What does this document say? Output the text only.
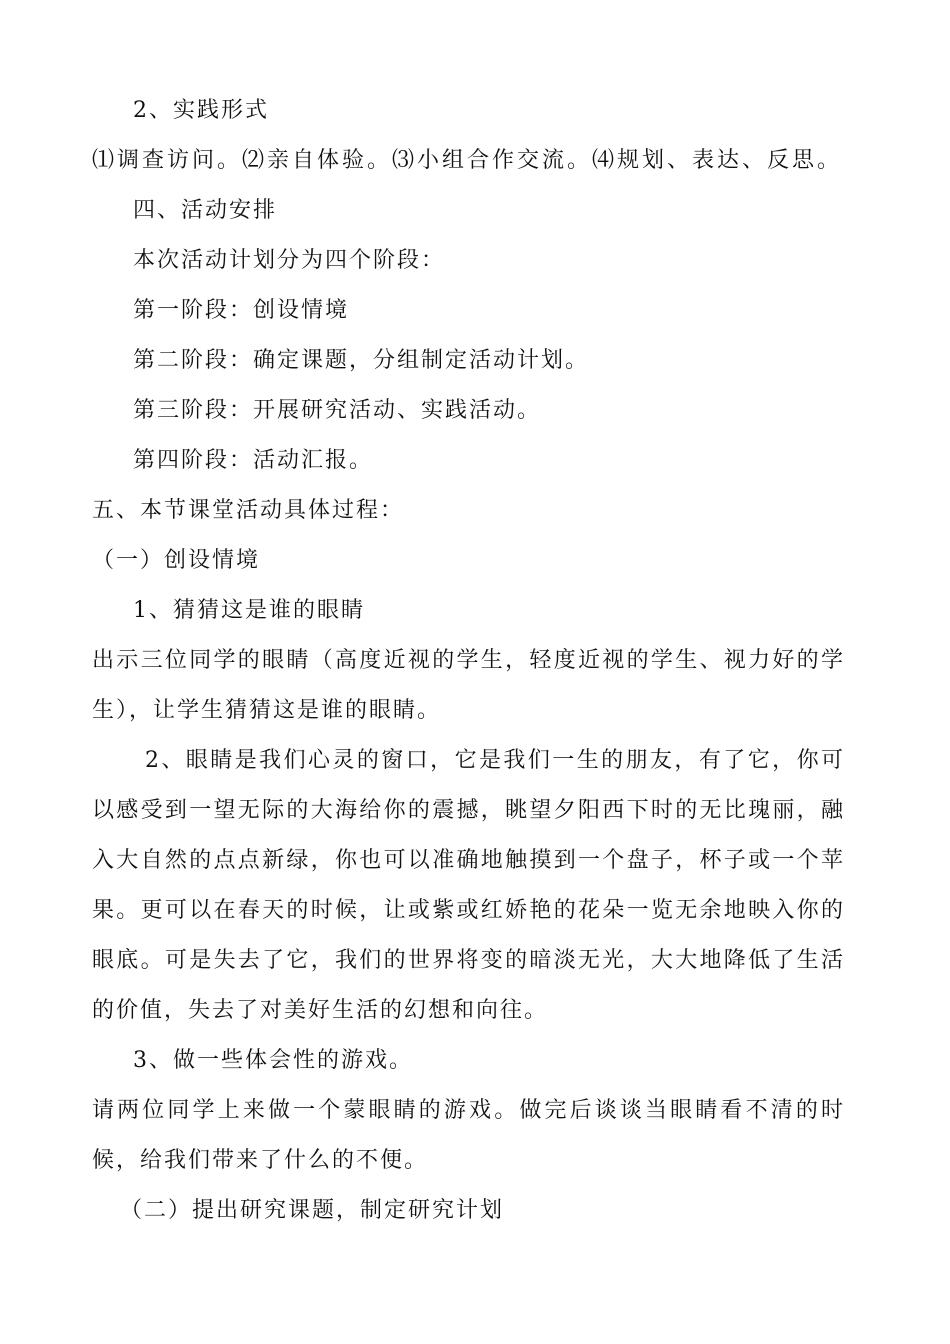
2、实践形式
⑴调查访问。⑵亲自体验。⑶小组合作交流。⑷规划、表达、反思。
四、活动安排
本次活动计划分为四个阶段：
第一阶段：创设情境
第二阶段：确定课题，分组制定活动计划。
第三阶段：开展研究活动、实践活动。
第四阶段：活动汇报。
五、本节课堂活动具体过程：
（一）创设情境
1、猜猜这是谁的眼睛
出示三位同学的眼睛（高度近视的学生，轻度近视的学生、视力好的学
生），让学生猜猜这是谁的眼睛。
2、眼睛是我们心灵的窗口，它是我们一生的朋友，有了它，你可
以感受到一望无际的大海给你的震撼，眺望夕阳西下时的无比瑰丽，融
入大自然的点点新绿，你也可以准确地触摸到一个盘子，杯子或一个苹
果。更可以在春天的时候，让或紫或红娇艳的花朵一览无余地映入你的
眼底。可是失去了它，我们的世界将变的暗淡无光，大大地降低了生活
的价值，失去了对美好生活的幻想和向往。
3、做一些体会性的游戏。
请两位同学上来做一个蒙眼睛的游戏。做完后谈谈当眼睛看不清的时
候，给我们带来了什么的不便。
（二）提出研究课题，制定研究计划
